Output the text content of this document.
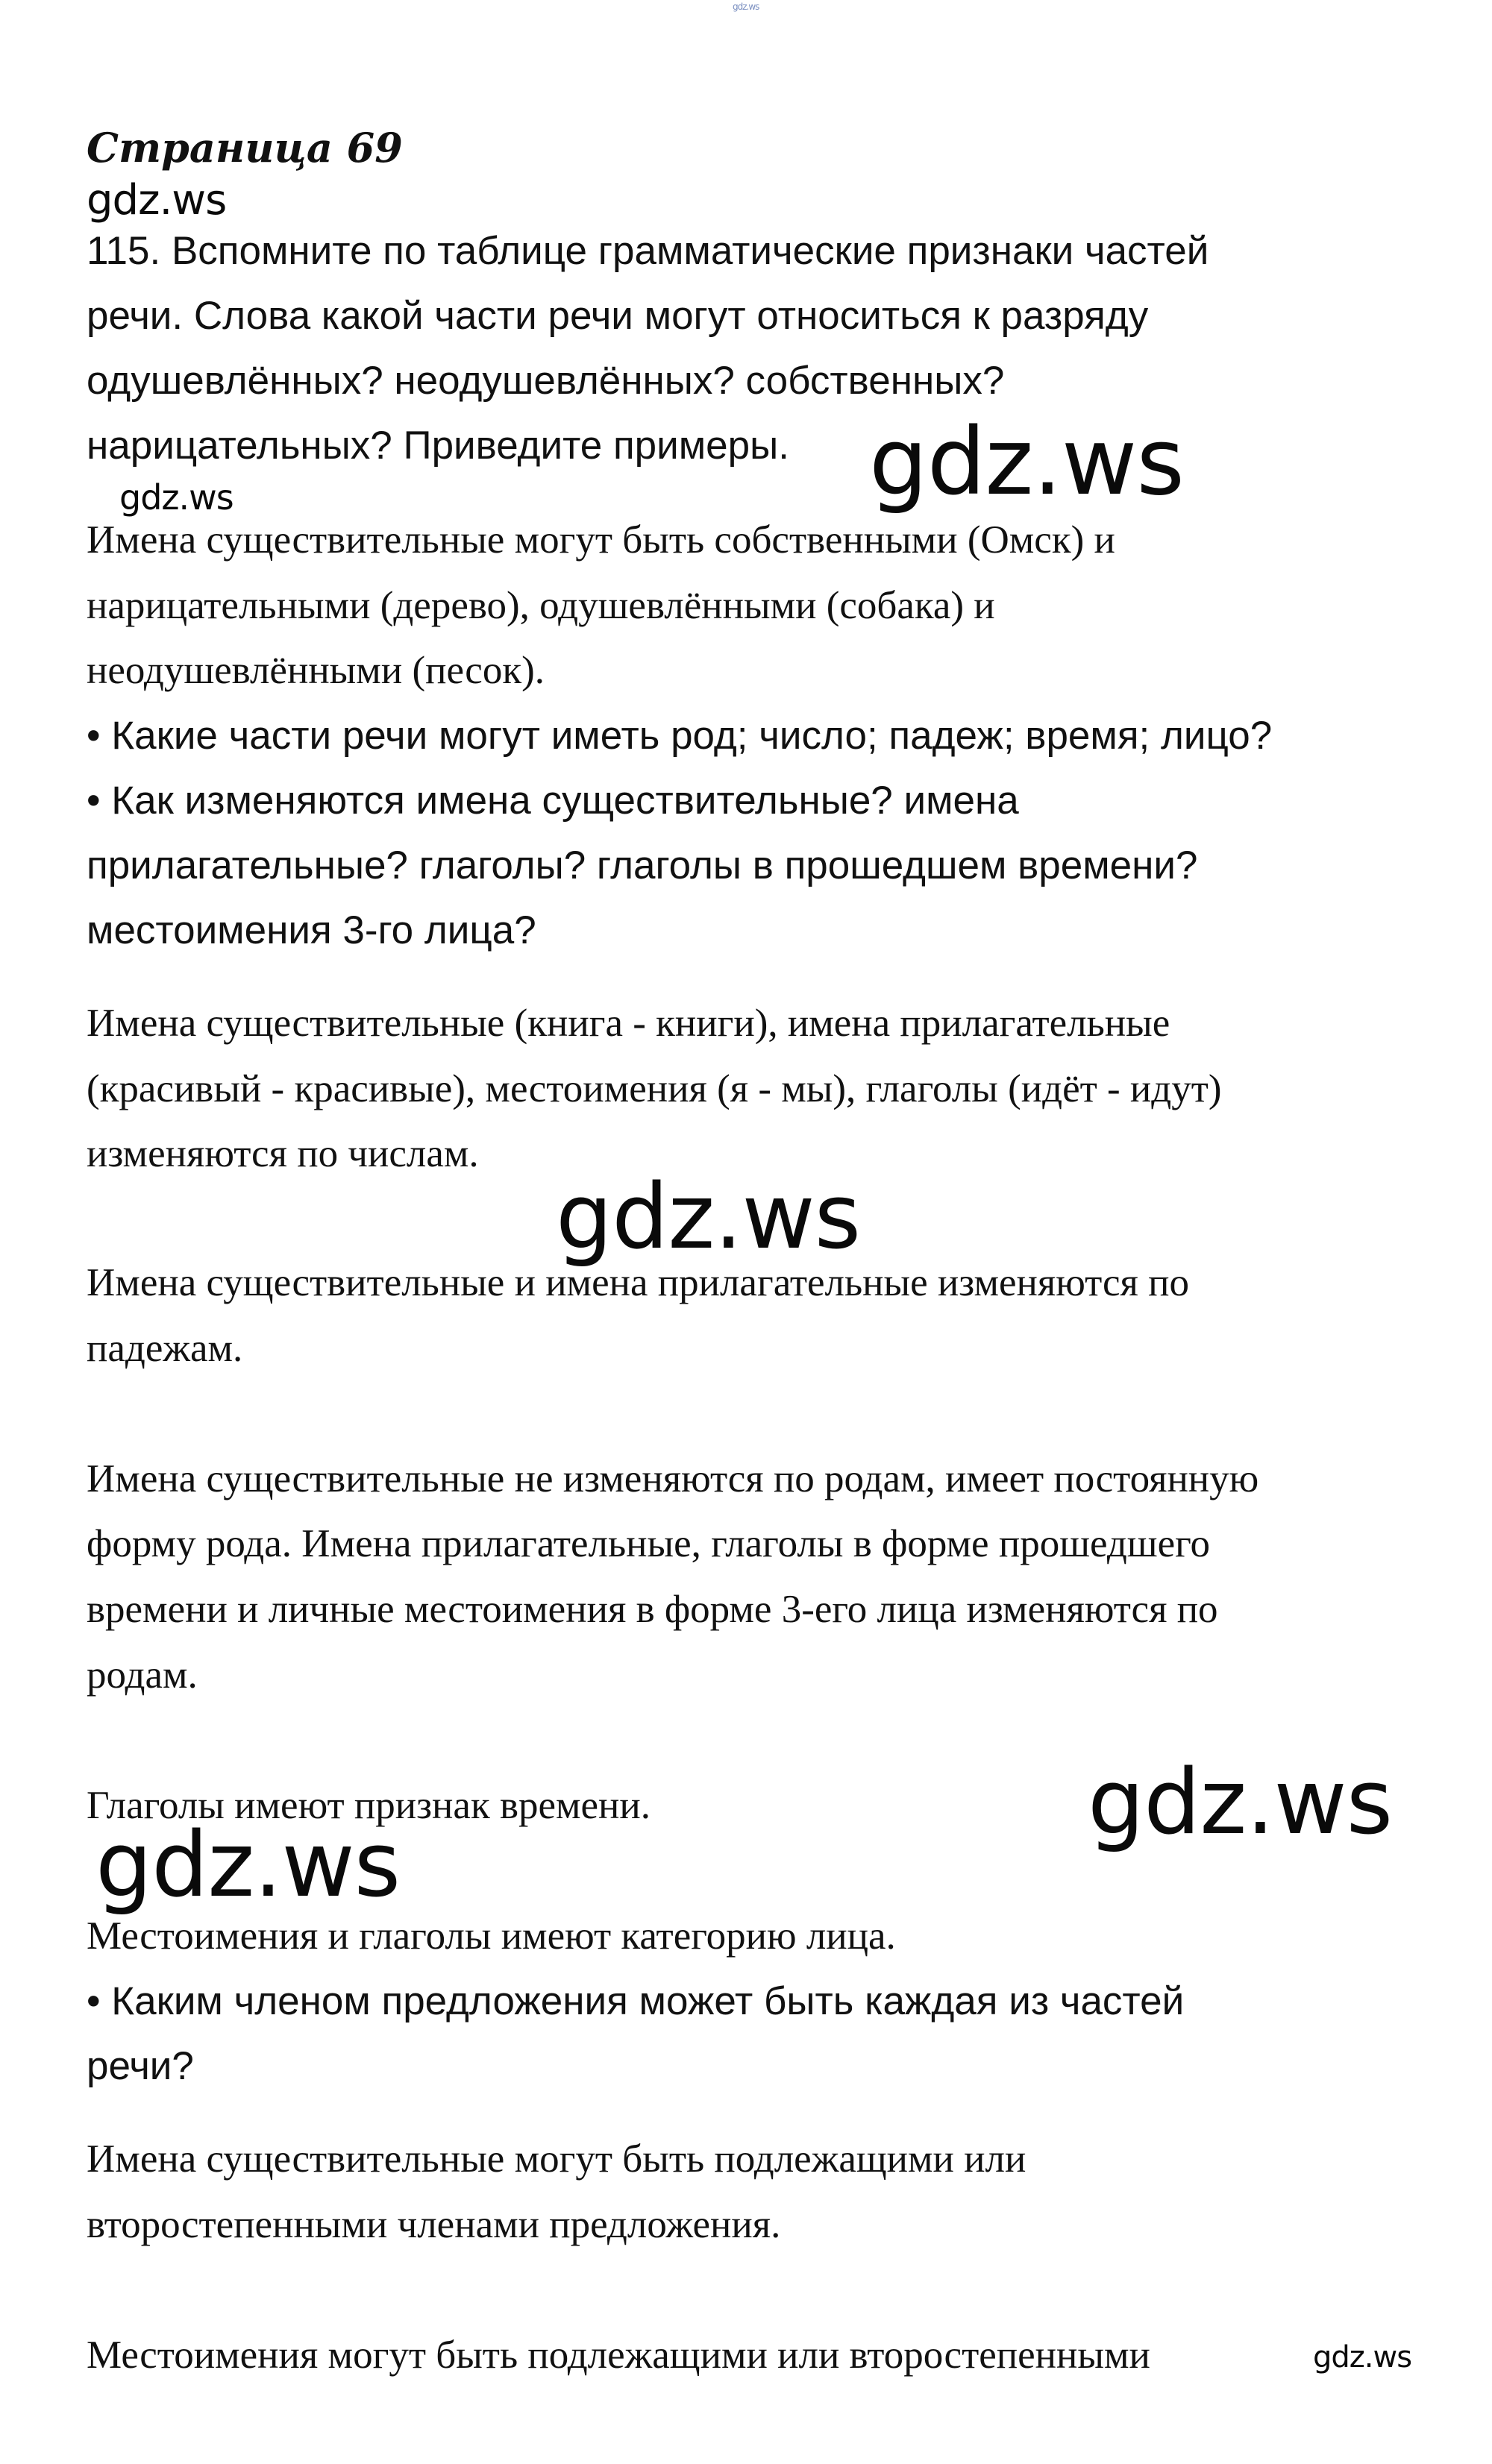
gdz.ws
Страница 69
gdz.ws
115. Вспомните по таблице грамматические признаки частей
речи. Слова какой части речи могут относиться к разряду
одушевлённых? неодушевлённых? собственных?
нарицательных? Приведите примеры. gdz.ws
gdz.ws
Имена существительные могут быть собственными (Омск) и
нарицательными (дерево), одушевлёнными (собака) и
неодушевлёнными (песок).
• Какие части речи могут иметь род; число; падеж; время; лицо?
• Как изменяются имена существительные? имена
прилагательные? глаголы? глаголы в прошедшем времени?
местоимения 3-го лица?
Имена существительные (книга - книги), имена прилагательные
(красивый - красивые), местоимения (я - мы), глаголы (идёт - идут)
изменяются по числам.
gdz.ws
Имена существительные и имена прилагательные изменяются по
падежам.
Имена существительные не изменяются по родам, имеет постоянную
форму рода. Имена прилагательные, глаголы в форме прошедшего
времени и личные местоимения в форме 3-его лица изменяются по
родам.
Глаголы имеют признак времени.	gdz.ws
gdz.ws
Местоимения и глаголы имеют категорию лица.
• Каким членом предложения может быть каждая из частей
речи?
Имена существительные могут быть подлежащими или
второстепенными членами предложения.
Местоимения могут быть подлежащими или второстепенными	gdz.ws
